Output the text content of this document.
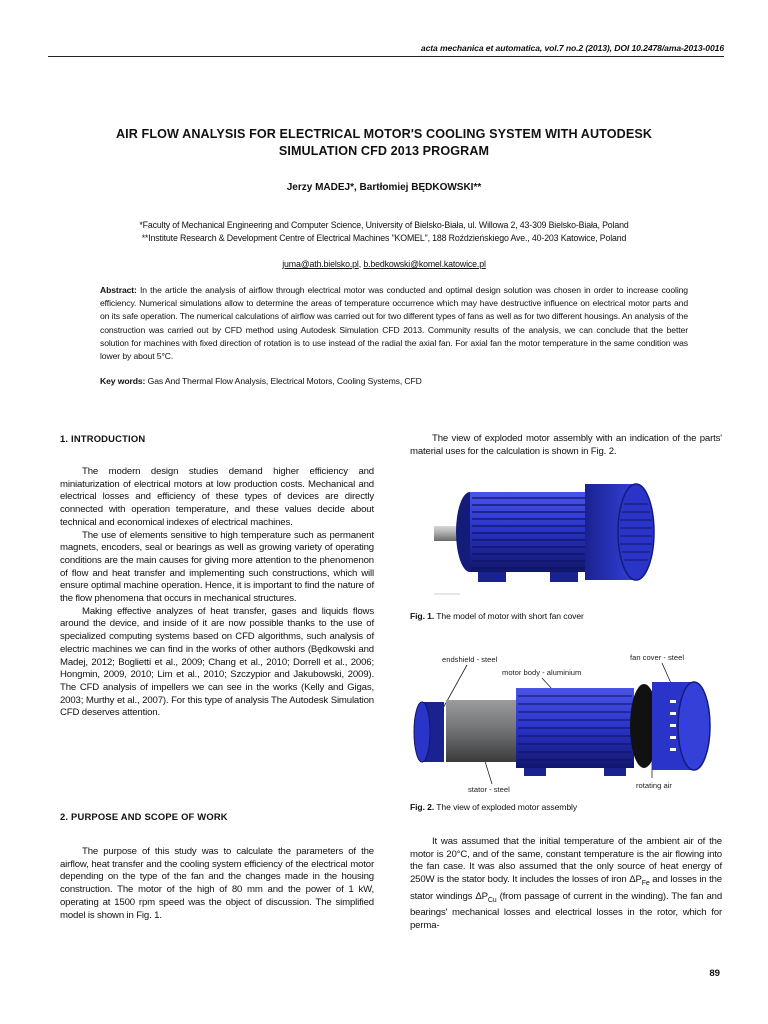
acta mechanica et automatica, vol.7 no.2 (2013), DOI 10.2478/ama-2013-0016
AIR FLOW ANALYSIS FOR ELECTRICAL MOTOR'S COOLING SYSTEM WITH AUTODESK
SIMULATION CFD 2013 PROGRAM
Jerzy MADEJ*, Bartłomiej BĘDKOWSKI**
*Faculty of Mechanical Engineering and Computer Science, University of Bielsko-Biała, ul. Willowa 2, 43-309 Bielsko-Biała, Poland
**Institute Research & Development Centre of Electrical Machines "KOMEL", 188 Roździeńskiego Ave., 40-203 Katowice, Poland
juma@ath.bielsko.pl, b.bedkowski@komel.katowice.pl
Abstract: In the article the analysis of airflow through electrical motor was conducted and optimal design solution was chosen in order to increase cooling efficiency. Numerical simulations allow to determine the areas of temperature occurrence which may have destructive influence on electrical motor parts and on its safe operation. The numerical calculations of airflow was carried out for two different types of fans as well as for two different housings. An analysis of the construction was carried out by CFD method using Autodesk Simulation CFD 2013. Community results of the analysis, we can conclude that the better solution for machines with fixed direction of rotation is to use instead of the radial the axial fan. For axial fan the motor temperature in the same condition was lower by about 5°C.
Key words: Gas And Thermal Flow Analysis, Electrical Motors, Cooling Systems, CFD
1. INTRODUCTION

The modern design studies demand higher efficiency and miniaturization of electrical motors at low production costs. Mechanical and electrical losses and efficiency of these types of devices are directly connected with operation temperature, and these values decide about technical and economical indexes of electrical machines.

The use of elements sensitive to high temperature such as permanent magnets, encoders, seal or bearings as well as growing variety of operating conditions are the main causes for giving more attention to the phenomenon of flow and heat transfer and implementing such constructions, which will ensure optimal machine operation. Hence, it is important to find the nature of the flow phenomena that occurs in mechanical structures.

Making effective analyzes of heat transfer, gases and liquids flows around the device, and inside of it are now possible thanks to the use of specialized computing systems based on CFD algorithms, such analysis of electric machines we can find in the works of other authors (Będkowski and Madej, 2012; Boglietti et al., 2009; Chang et al., 2010; Dorrell et al., 2006; Hongmin, 2009, 2010; Lim et al., 2010; Szczypior and Jakubowski, 2009). The CFD analysis of impellers we can see in the works (Kelly and Gigas, 2003; Murthy et al., 2007). For this type of analysis The Autodesk Simulation CFD deserves attention.

2. PURPOSE AND SCOPE OF WORK

The purpose of this study was to calculate the parameters of the airflow, heat transfer and the cooling system efficiency of the electrical motor depending on the type of the fan and the changes made in the housing construction. The motor of the high of 80 mm and the power of 1 kW, operating at 1500 rpm speed was the object of discussion. The simplified model is shown in Fig. 1.

The view of exploded motor assembly with an indication of the parts' material uses for the calculation is shown in Fig. 2.

Fig. 1. The model of motor with short fan cover
endshield - steel
motor body - aluminium
fan cover - steel
stator - steel	rotating air
Fig. 2. The view of exploded motor assembly

It was assumed that the initial temperature of the ambient air of the motor is 20°C, and of the same, constant temperature is the air flowing into the fan case. It was also assumed that the only source of heat energy of 250W is the stator body. It includes the losses of iron $\Delta P_{Fe}$ and losses in the stator windings $\Delta P_{Cu}$ (from passage of current in the winding). The fan and bearings' mechanical losses and electrical losses in the rotor, which for perma-

89
